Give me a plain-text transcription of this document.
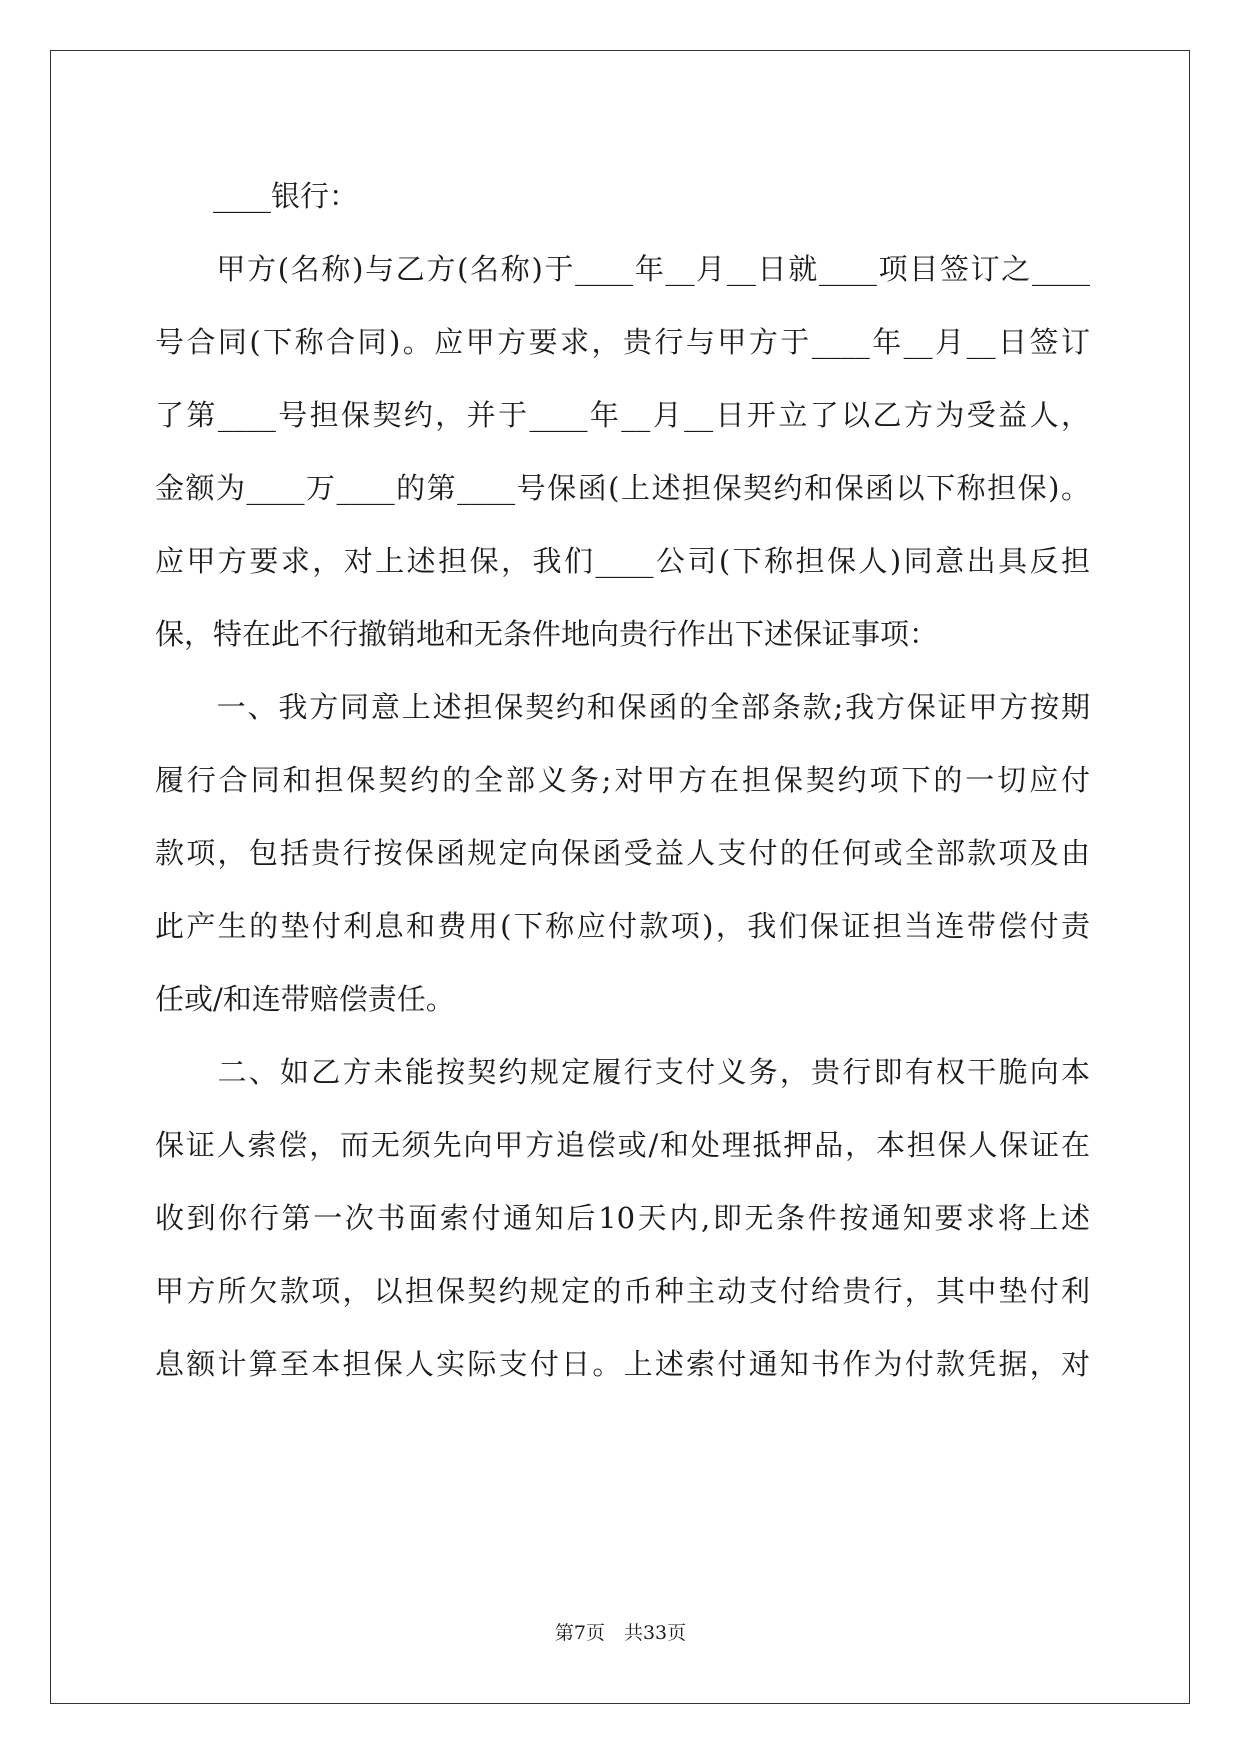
　　____银行：
　　甲方(名称)与乙方(名称)于____年__月__日就____项目签订之____
号合同(下称合同)。应甲方要求，贵行与甲方于____年__月__日签订
了第____号担保契约，并于____年__月__日开立了以乙方为受益人，
金额为____万____的第____号保函(上述担保契约和保函以下称担保)。
应甲方要求，对上述担保，我们____公司(下称担保人)同意出具反担
保，特在此不行撤销地和无条件地向贵行作出下述保证事项：
　　一、我方同意上述担保契约和保函的全部条款;我方保证甲方按期
履行合同和担保契约的全部义务;对甲方在担保契约项下的一切应付
款项，包括贵行按保函规定向保函受益人支付的任何或全部款项及由
此产生的垫付利息和费用(下称应付款项)，我们保证担当连带偿付责
任或/和连带赔偿责任。
　　二、如乙方未能按契约规定履行支付义务，贵行即有权干脆向本
保证人索偿，而无须先向甲方追偿或/和处理抵押品，本担保人保证在
收到你行第一次书面索付通知后10天内,即无条件按通知要求将上述
甲方所欠款项，以担保契约规定的币种主动支付给贵行，其中垫付利
息额计算至本担保人实际支付日。上述索付通知书作为付款凭据，对
第7页　共33页
